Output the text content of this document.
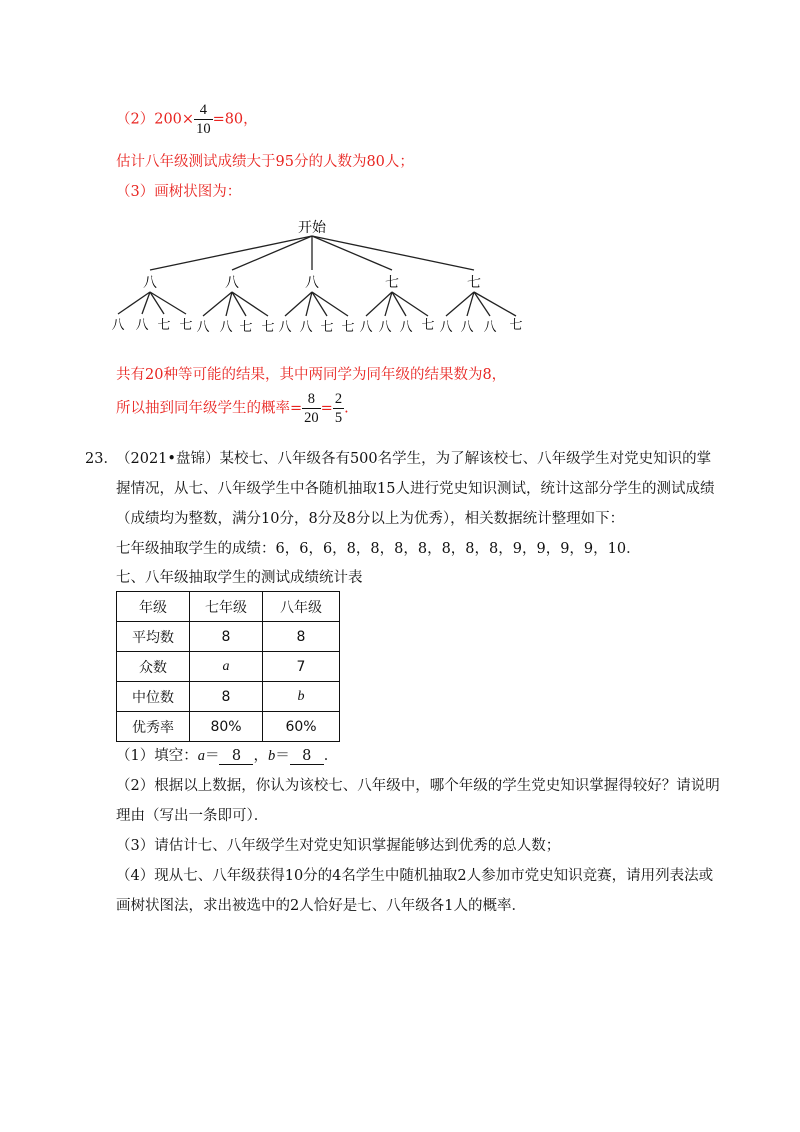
$(2)200\times \frac{4}{10} =80$，
估计八年级测试成绩大于95分的人数为80人；
（3）画树状图为：
开始
八	八	八	七	七
八 八 七 七 八 八 七 七 八 八 七 七 八 八 八 七 八 八 八 七
共有20种等可能的结果，其中两同学为同年级的结果数为8，
所以抽到同年级学生的概率= $\frac{8}{20} = \frac{2}{5}$ .
23．
（2021•盘锦）某校七、八年级各有500名学生，为了解该校七、八年级学生对党史知识的掌
握情况，从七、八年级学生中各随机抽取15人进行党史知识测试，统计这部分学生的测试成绩
（成绩均为整数，满分10分，8分及8分以上为优秀），相关数据统计整理如下：
七年级抽取学生的成绩：6，6，6，8，8，8，8，8，8，8，9，9，9，9，10．
七、八年级抽取学生的测试成绩统计表
年级	七年级	八年级
平均数	8	8
众数	a	7
中位数	8	b
优秀率	80%	60%
（1）填空：a＝ 8 ，b＝ 8 ．
（2）根据以上数据，你认为该校七、八年级中，哪个年级的学生党史知识掌握得较好？请说明
理由（写出一条即可）．
（3）请估计七、八年级学生对党史知识掌握能够达到优秀的总人数；
（4）现从七、八年级获得10分的4名学生中随机抽取2人参加市党史知识竞赛，请用列表法或
画树状图法，求出被选中的2人恰好是七、八年级各1人的概率．
